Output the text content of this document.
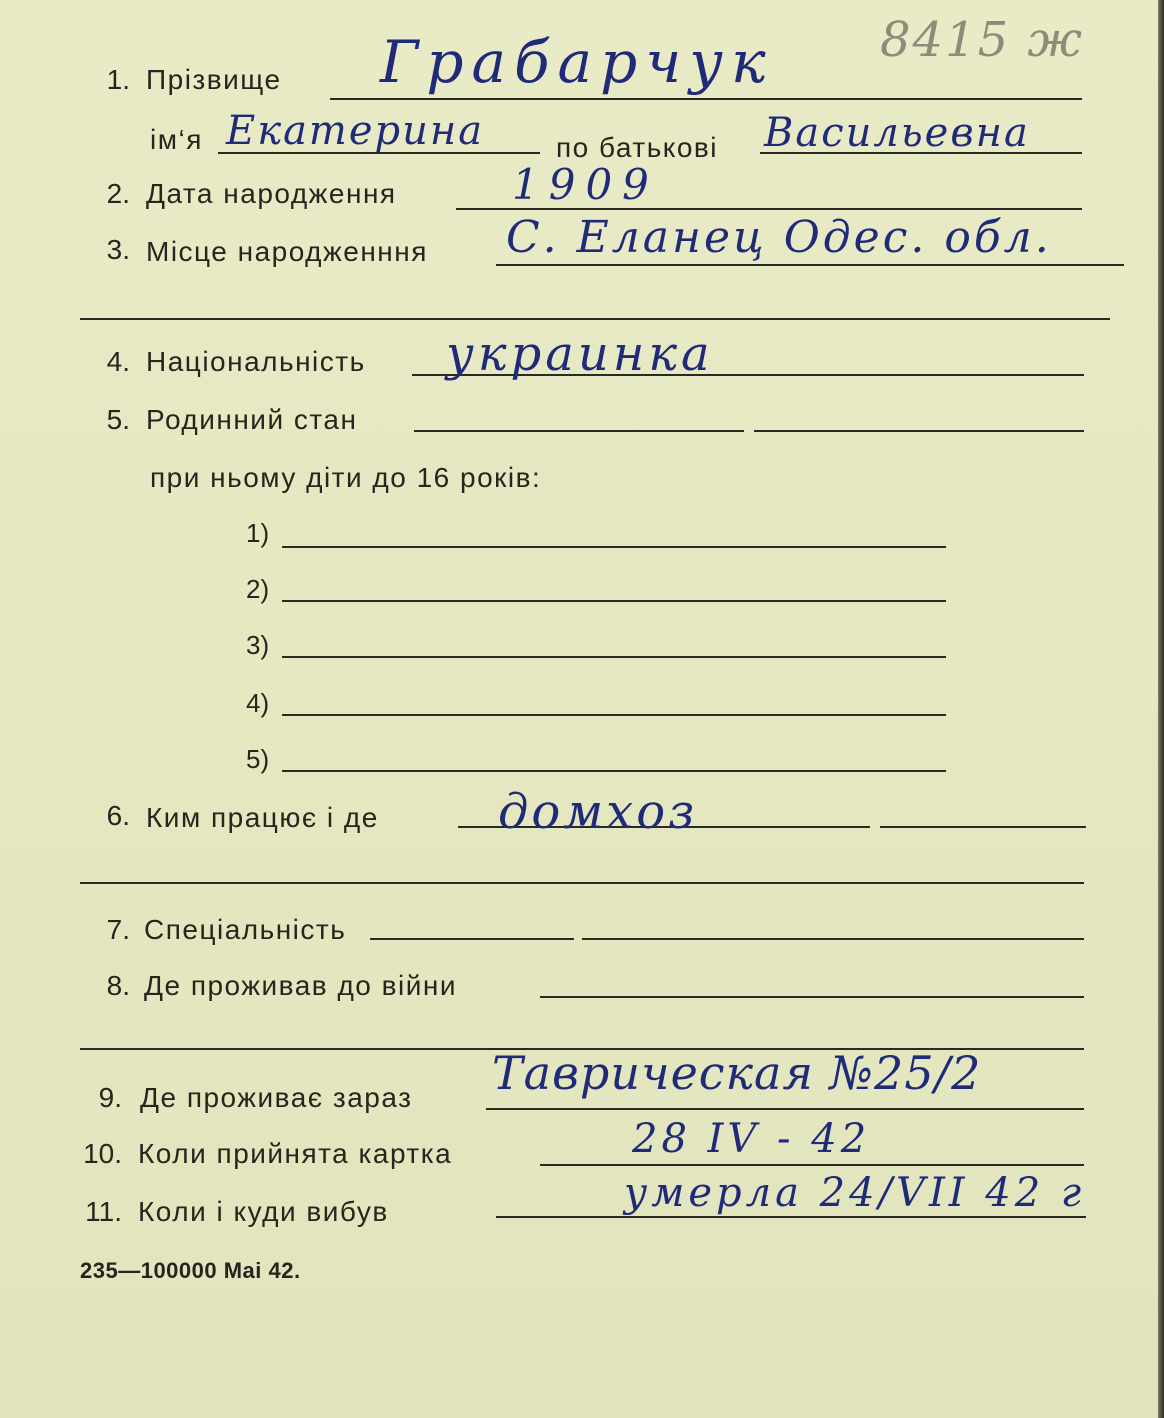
8415 ж
1. Прізвище Грабарчук
ім‘я Екатерина	по батькові Васильевна
2. Дата народження	1909
3. Місце народженння С. Еланец Одес. обл.
4. Національність украинка
5. Родинний стан
при ньому діти до 16 років:
1)
2)
3)
4)
5)
6. Ким працює і де домхоз
7. Спеціальність
8. Де проживав до війни
9. Де проживає зараз Таврическая №25/2
10. Коли прийнята картка	28 IV - 42
11. Коли і куди вибув	умерла 24/VII 42 г
235—100000 Mai 42.
